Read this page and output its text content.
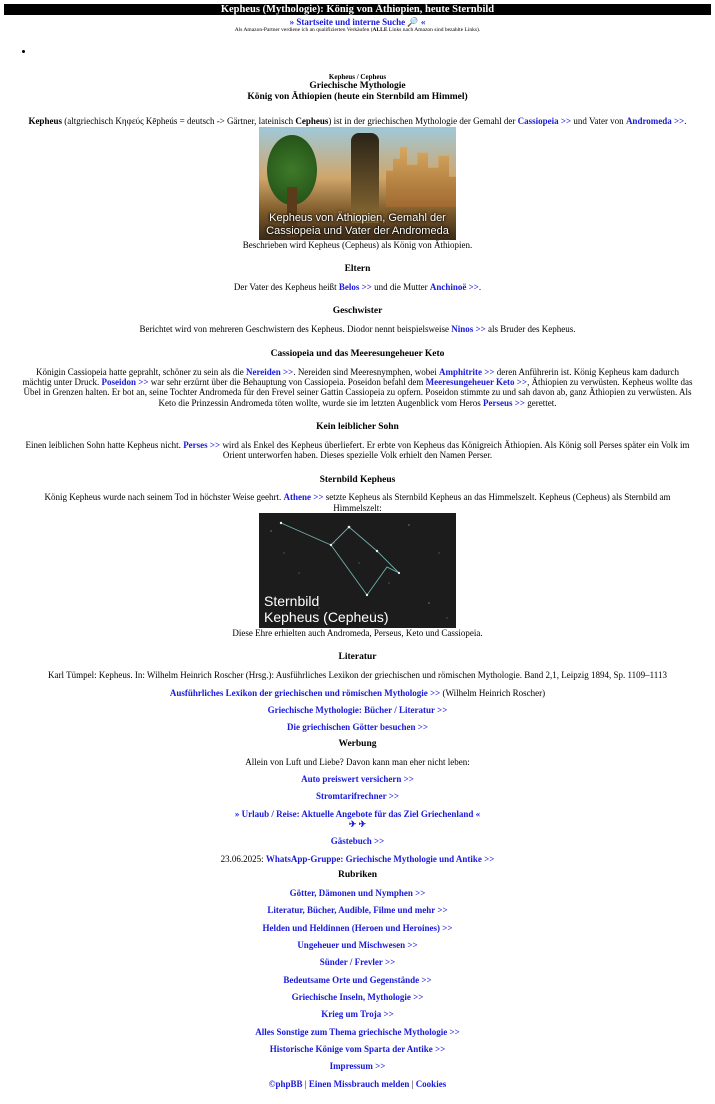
Kepheus (Mythologie): König von Äthiopien, heute Sternbild
» Startseite und interne Suche 🔎 «
Als Amazon-Partner verdiene ich an qualifizierten Verkäufen (ALLE Links nach Amazon sind bezahlte Links).
•
Kepheus / Cepheus
Griechische Mythologie
König von Äthiopien (heute ein Sternbild am Himmel)

Kepheus (altgriechisch Κηφεύς Kēpheús = deutsch -> Gärtner, lateinisch Cepheus) ist in der griechischen Mythologie der Gemahl der Cassiopeia >> und Vater von Andromeda >>.

Kepheus von Äthiopien, Gemahl der Cassiopeia und Vater der Andromeda

Beschrieben wird Kepheus (Cepheus) als König von Äthiopien.

Eltern

Der Vater des Kepheus heißt Belos >> und die Mutter Anchinoë >>.

Geschwister

Berichtet wird von mehreren Geschwistern des Kepheus. Diodor nennt beispielsweise Ninos >> als Bruder des Kepheus.

Cassiopeia und das Meeresungeheuer Keto

Königin Cassiopeia hatte geprahlt, schöner zu sein als die Nereiden >>. Nereiden sind Meeresnymphen, wobei Amphitrite >> deren Anführerin ist. König Kepheus kam dadurch mächtig unter Druck. Poseidon >> war sehr erzürnt über die Behauptung von Cassiopeia. Poseidon befahl dem Meeresungeheuer Keto >>, Äthiopien zu verwüsten. Kepheus wollte das Übel in Grenzen halten. Er bot an, seine Tochter Andromeda für den Frevel seiner Gattin Cassiopeia zu opfern. Poseidon stimmte zu und sah davon ab, ganz Äthiopien zu verwüsten. Als Keto die Prinzessin Andromeda töten wollte, wurde sie im letzten Augenblick vom Heros Perseus >> gerettet.

Kein leiblicher Sohn

Einen leiblichen Sohn hatte Kepheus nicht. Perses >> wird als Enkel des Kepheus überliefert. Er erbte von Kepheus das Königreich Äthiopien. Als König soll Perses später ein Volk im Orient unterworfen haben. Dieses spezielle Volk erhielt den Namen Perser.

Sternbild Kepheus

König Kepheus wurde nach seinem Tod in höchster Weise geehrt. Athene >> setzte Kepheus als Sternbild Kepheus an das Himmelszelt. Kepheus (Cepheus) als Sternbild am Himmelszelt:

Sternbild
Kepheus (Cepheus)

Diese Ehre erhielten auch Andromeda, Perseus, Keto und Cassiopeia.

Literatur

Karl Tümpel: Kepheus. In: Wilhelm Heinrich Roscher (Hrsg.): Ausführliches Lexikon der griechischen und römischen Mythologie. Band 2,1, Leipzig 1894, Sp. 1109–1113

Ausführliches Lexikon der griechischen und römischen Mythologie >> (Wilhelm Heinrich Roscher)

Griechische Mythologie: Bücher / Literatur >>

Die griechischen Götter besuchen >>

Werbung

Allein von Luft und Liebe? Davon kann man eher nicht leben:

Auto preiswert versichern >>

Stromtarifrechner >>

» Urlaub / Reise: Aktuelle Angebote für das Ziel Griechenland «

✈ ✈

Gästebuch >>

23.06.2025: WhatsApp-Gruppe: Griechische Mythologie und Antike >>

Rubriken

Götter, Dämonen und Nymphen >>

Literatur, Bücher, Audible, Filme und mehr >>

Helden und Heldinnen (Heroen und Heroines) >>

Ungeheuer und Mischwesen >>

Sünder / Frevler >>

Bedeutsame Orte und Gegenstände >>

Griechische Inseln, Mythologie >>

Krieg um Troja >>

Alles Sonstige zum Thema griechische Mythologie >>

Historische Könige vom Sparta der Antike >>

Impressum >>

©phpBB | Einen Missbrauch melden | Cookies
